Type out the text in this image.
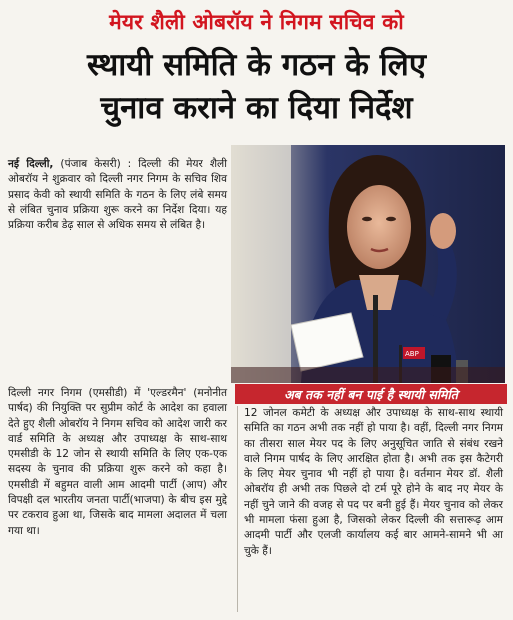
मेयर शैली ओबरॉय ने निगम सचिव को
स्थायी समिति के गठन के लिए
चुनाव कराने का दिया निर्देश
ABP
नई दिल्ली, (पंजाब केसरी) : दिल्ली की मेयर शैली ओबरॉय ने शुक्रवार को दिल्ली नगर निगम के सचिव शिव प्रसाद केवी को स्थायी समिति के गठन के लिए लंबे समय से लंबित चुनाव प्रक्रिया शुरू करने का निर्देश दिया। यह प्रक्रिया करीब डेढ़ साल से अधिक समय से लंबित है।
दिल्ली नगर निगम (एमसीडी) में 'एल्डरमैन' (मनोनीत पार्षद) की नियुक्ति पर सुप्रीम कोर्ट के आदेश का हवाला देते हुए शैली ओबरॉय ने निगम सचिव को आदेश जारी कर वार्ड समिति के अध्यक्ष और उपाध्यक्ष के साथ-साथ एमसीडी के 12 जोन से स्थायी समिति के लिए एक-एक सदस्य के चुनाव की प्रक्रिया शुरू करने को कहा है। एमसीडी में बहुमत वाली आम आदमी पार्टी (आप) और विपक्षी दल भारतीय जनता पार्टी(भाजपा) के बीच इस मुद्दे पर टकराव हुआ था, जिसके बाद मामला अदालत में चला गया था।
अब तक नहीं बन पाई है स्थायी समिति
12 जोनल कमेटी के अध्यक्ष और उपाध्यक्ष के साथ-साथ स्थायी समिति का गठन अभी तक नहीं हो पाया है। वहीं, दिल्ली नगर निगम का तीसरा साल मेयर पद के लिए अनुसूचित जाति से संबंध रखने वाले निगम पार्षद के लिए आरक्षित होता है। अभी तक इस कैटेगरी के लिए मेयर चुनाव भी नहीं हो पाया है। वर्तमान मेयर डॉ. शैली ओबरॉय ही अभी तक पिछले दो टर्म पूरे होने के बाद नए मेयर के नहीं चुने जाने की वजह से पद पर बनी हुई हैं। मेयर चुनाव को लेकर भी मामला फंसा हुआ है, जिसको लेकर दिल्ली की सत्तारूढ़ आम आदमी पार्टी और एलजी कार्यालय कई बार आमने-सामने भी आ चुके हैं।
